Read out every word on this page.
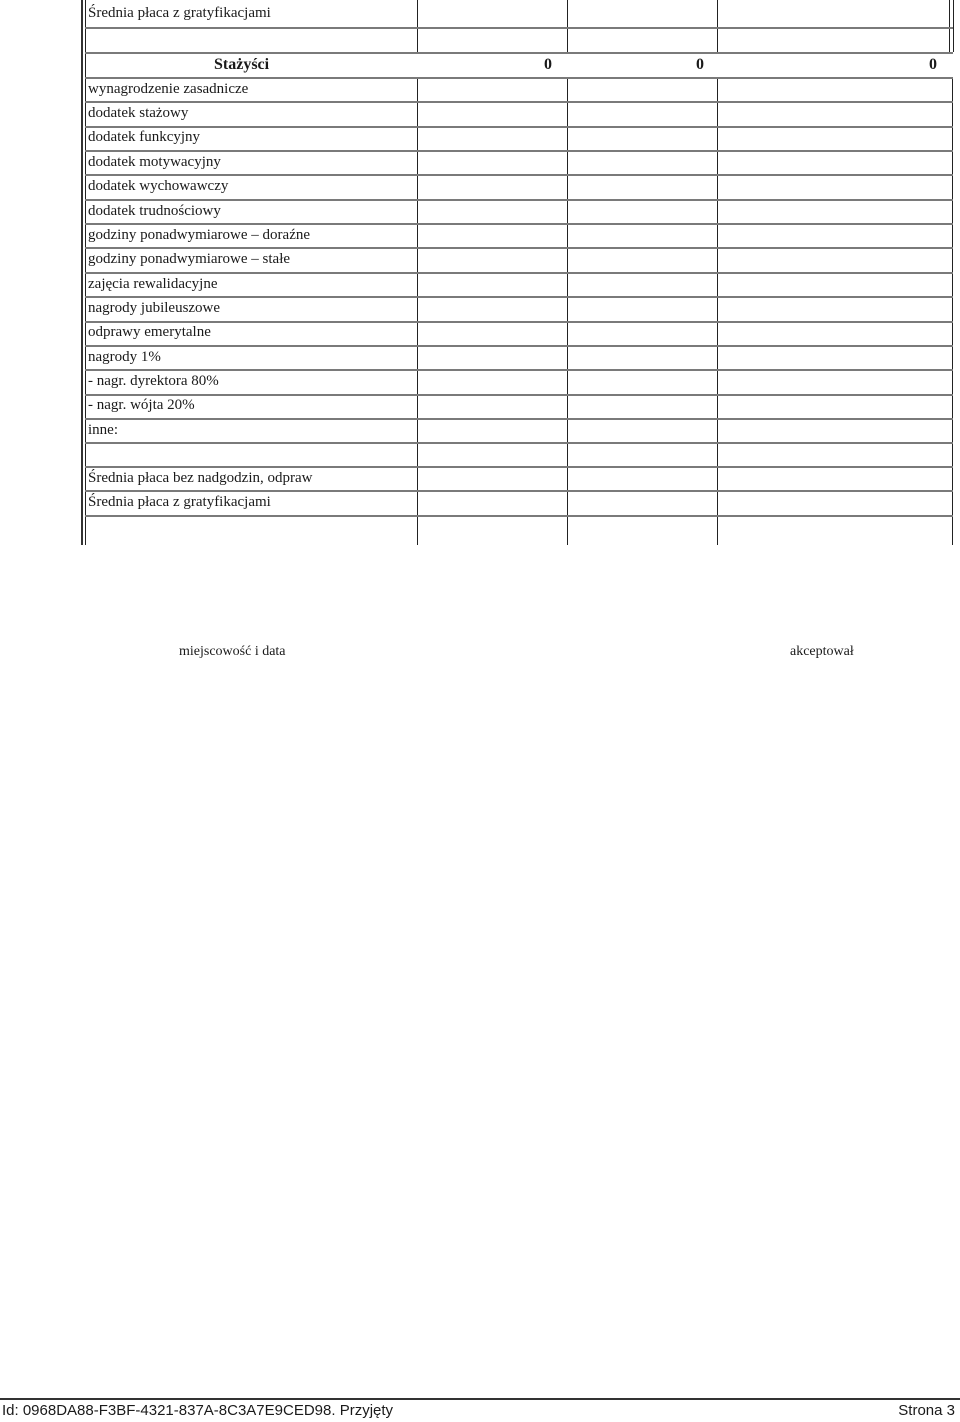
Średnia płaca z gratyfikacjami
Stażyści	0	0	0
wynagrodzenie zasadnicze
dodatek stażowy
dodatek funkcyjny
dodatek motywacyjny
dodatek wychowawczy
dodatek trudnościowy
godziny ponadwymiarowe – doraźne
godziny ponadwymiarowe – stałe
zajęcia rewalidacyjne
nagrody jubileuszowe
odprawy emerytalne
nagrody 1%
- nagr. dyrektora 80%
- nagr. wójta 20%
inne:
Średnia płaca bez nadgodzin, odpraw
Średnia płaca z gratyfikacjami
miejscowość i data	akceptował
Id: 0968DA88-F3BF-4321-837A-8C3A7E9CED98. Przyjęty	Strona 3
